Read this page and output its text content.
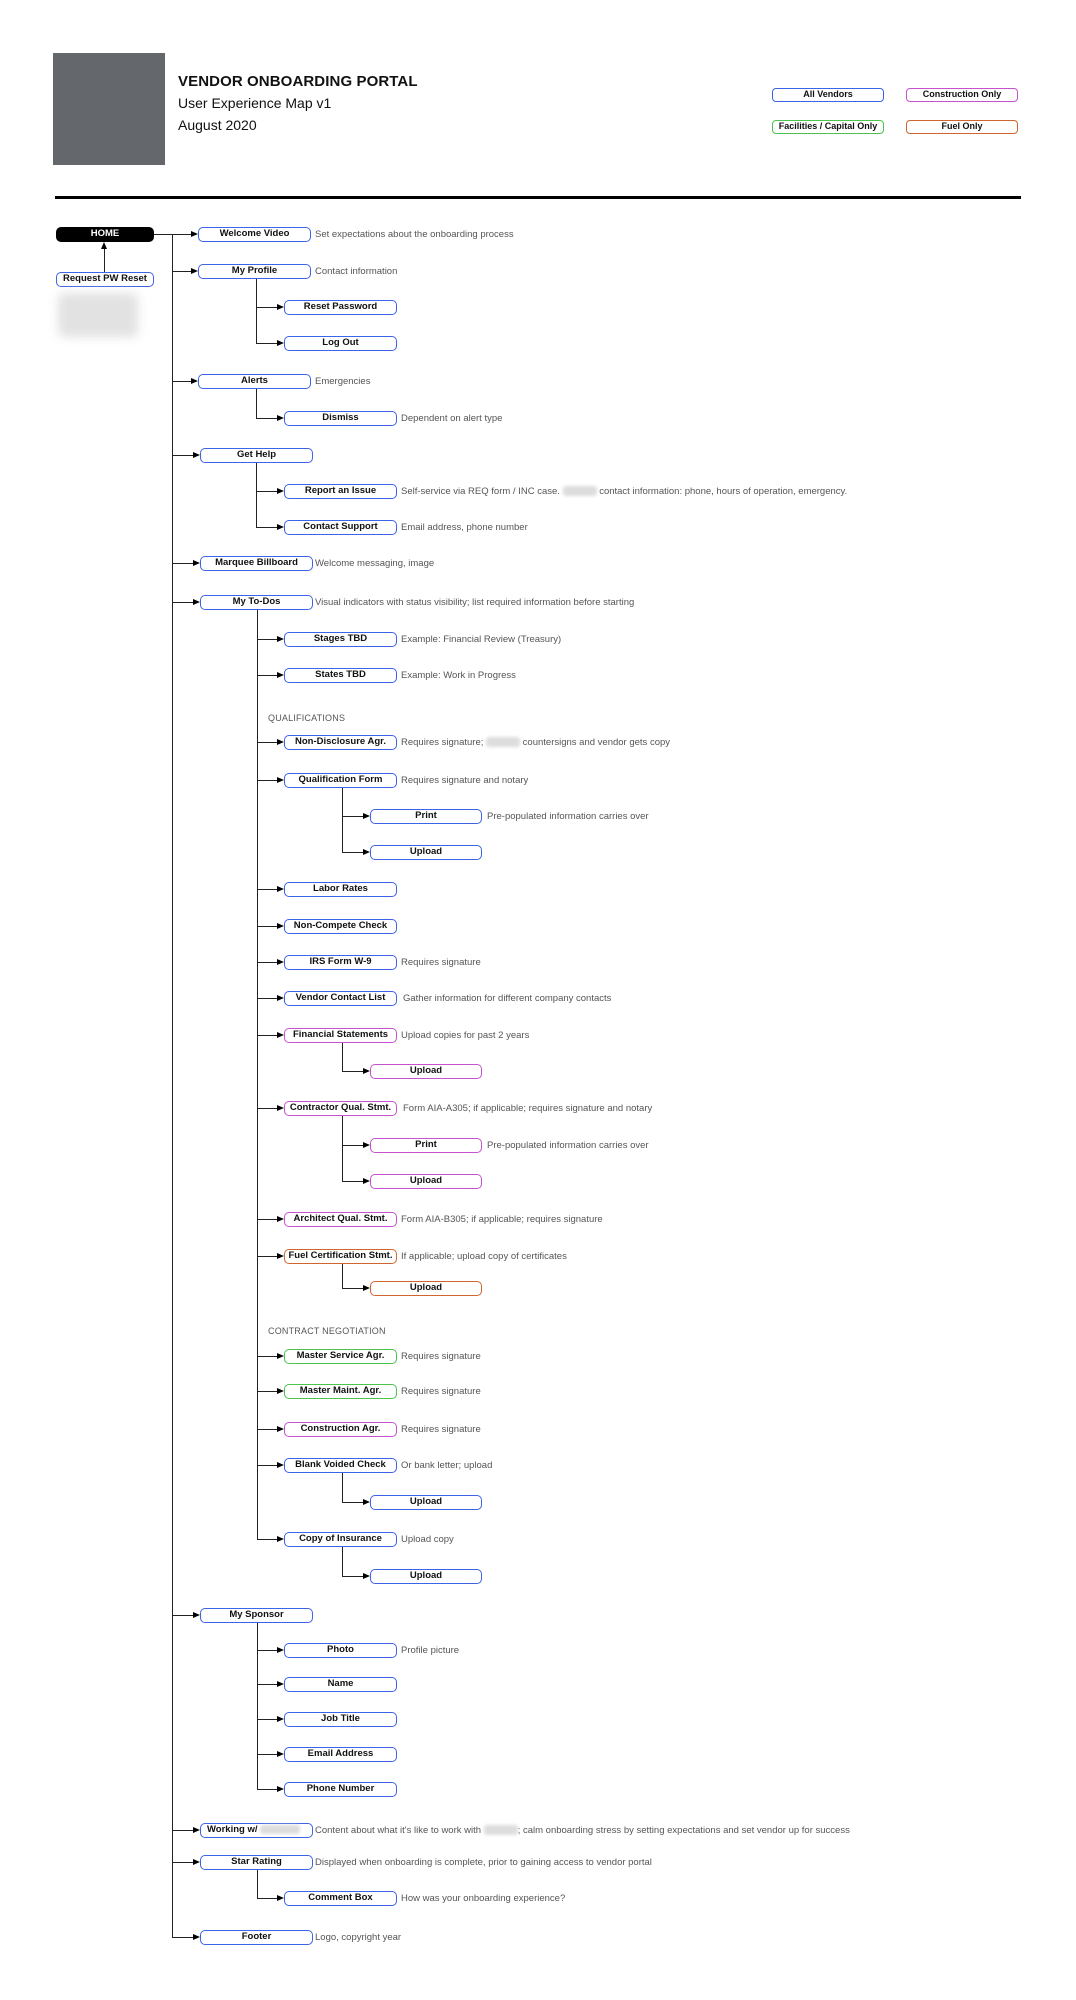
VENDOR ONBOARDING PORTAL
User Experience Map v1
August 2020
All Vendors	Construction Only
Facilities / Capital Only	Fuel Only
HOME
Request PW Reset
Welcome Video	Set expectations about the onboarding process
My Profile	Contact information
Reset Password
Log Out
Alerts	Emergencies
Dismiss	Dependent on alert type
Get Help
Report an Issue	Self-service via REQ form / INC case.	contact information: phone, hours of operation, emergency.
Contact Support	Email address, phone number
Marquee Billboard	Welcome messaging, image
My To-Dos	Visual indicators with status visibility; list required information before starting
Stages TBD	Example: Financial Review (Treasury)
States TBD	Example: Work in Progress
QUALIFICATIONS
Non-Disclosure Agr.	Requires signature;	countersigns and vendor gets copy
Qualification Form	Requires signature and notary
Print	Pre-populated information carries over
Upload
Labor Rates
Non-Compete Check
IRS Form W-9	Requires signature
Vendor Contact List	Gather information for different company contacts
Financial Statements	Upload copies for past 2 years
Upload
Contractor Qual. Stmt.	Form AIA-A305; if applicable; requires signature and notary
Print	Pre-populated information carries over
Upload
Architect Qual. Stmt.	Form AIA-B305; if applicable; requires signature
Fuel Certification Stmt. If applicable; upload copy of certificates
Upload
CONTRACT NEGOTIATION
Master Service Agr.	Requires signature
Master Maint. Agr.	Requires signature
Construction Agr.	Requires signature
Blank Voided Check	Or bank letter; upload
Upload
Copy of Insurance	Upload copy
Upload
My Sponsor
Photo	Profile picture
Name
Job Title
Email Address
Phone Number
Working w/	Content about what it's like to work with	; calm onboarding stress by setting expectations and set vendor up for success
Star Rating	Displayed when onboarding is complete, prior to gaining access to vendor portal
Comment Box	How was your onboarding experience?
Footer	Logo, copyright year
